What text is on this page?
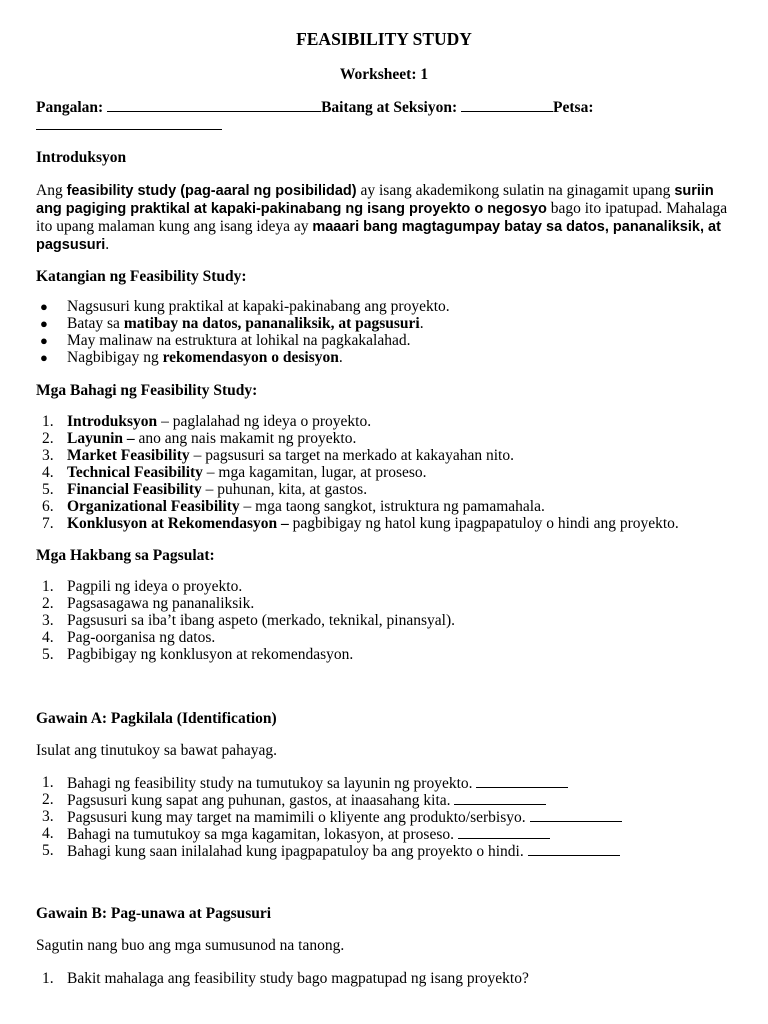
FEASIBILITY STUDY

Worksheet: 1

Pangalan:	Baitang at Seksiyon:	Petsa:

Introduksyon

Ang feasibility study (pag-aaral ng posibilidad) ay isang akademikong sulatin na ginagamit upang suriin ang pagiging praktikal at kapaki-pakinabang ng isang proyekto o negosyo bago ito ipatupad. Mahalaga ito upang malaman kung ang isang ideya ay maaari bang magtagumpay batay sa datos, pananaliksik, at pagsusuri.

Katangian ng Feasibility Study:

● Nagsusuri kung praktikal at kapaki-pakinabang ang proyekto.
● Batay sa matibay na datos, pananaliksik, at pagsusuri.
● May malinaw na estruktura at lohikal na pagkakalahad.
● Nagbibigay ng rekomendasyon o desisyon.

Mga Bahagi ng Feasibility Study:

1. Introduksyon – paglalahad ng ideya o proyekto.
2. Layunin – ano ang nais makamit ng proyekto.
3. Market Feasibility – pagsusuri sa target na merkado at kakayahan nito.
4. Technical Feasibility – mga kagamitan, lugar, at proseso.
5. Financial Feasibility – puhunan, kita, at gastos.
6. Organizational Feasibility – mga taong sangkot, istruktura ng pamamahala.
7. Konklusyon at Rekomendasyon – pagbibigay ng hatol kung ipagpapatuloy o hindi ang proyekto.

Mga Hakbang sa Pagsulat:

1. Pagpili ng ideya o proyekto.
2. Pagsasagawa ng pananaliksik.
3. Pagsusuri sa iba’t ibang aspeto (merkado, teknikal, pinansyal).
4. Pag-oorganisa ng datos.
5. Pagbibigay ng konklusyon at rekomendasyon.

Gawain A: Pagkilala (Identification)

Isulat ang tinutukoy sa bawat pahayag.

1. Bahagi ng feasibility study na tumutukoy sa layunin ng proyekto.
2. Pagsusuri kung sapat ang puhunan, gastos, at inaasahang kita.
3. Pagsusuri kung may target na mamimili o kliyente ang produkto/serbisyo.
4. Bahagi na tumutukoy sa mga kagamitan, lokasyon, at proseso.
5. Bahagi kung saan inilalahad kung ipagpapatuloy ba ang proyekto o hindi.

Gawain B: Pag-unawa at Pagsusuri

Sagutin nang buo ang mga sumusunod na tanong.

1. Bakit mahalaga ang feasibility study bago magpatupad ng isang proyekto?
